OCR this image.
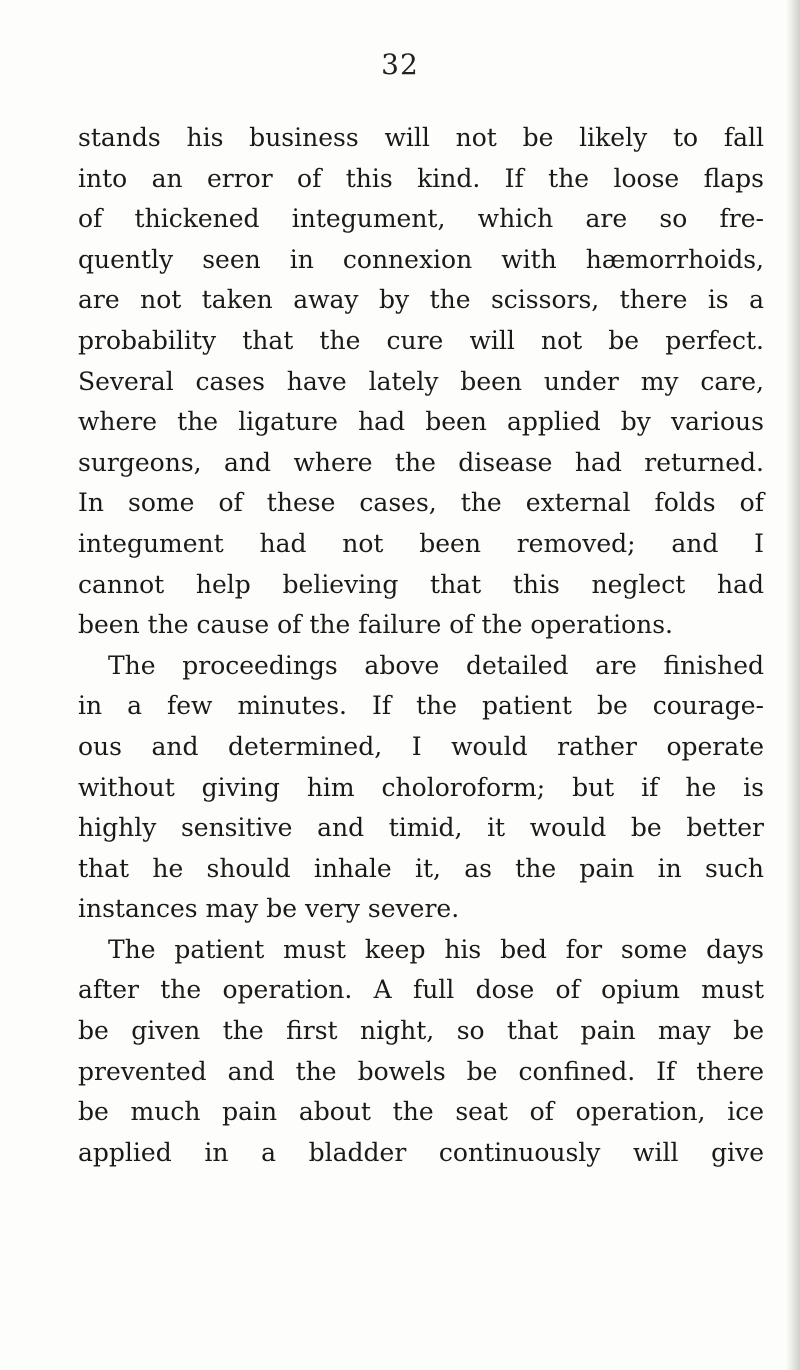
32
stands his business will not be likely to fall
into an error of this kind. If the loose flaps
of thickened integument, which are so fre-
quently seen in connexion with hæmorrhoids,
are not taken away by the scissors, there is a
probability that the cure will not be perfect.
Several cases have lately been under my care,
where the ligature had been applied by various
surgeons, and where the disease had returned.
In some of these cases, the external folds of
integument had not been removed; and I
cannot help believing that this neglect had
been the cause of the failure of the operations.
The proceedings above detailed are finished
in a few minutes. If the patient be courage-
ous and determined, I would rather operate
without giving him choloroform; but if he is
highly sensitive and timid, it would be better
that he should inhale it, as the pain in such
instances may be very severe.
The patient must keep his bed for some days
after the operation. A full dose of opium must
be given the first night, so that pain may be
prevented and the bowels be confined. If there
be much pain about the seat of operation, ice
applied in a bladder continuously will give
